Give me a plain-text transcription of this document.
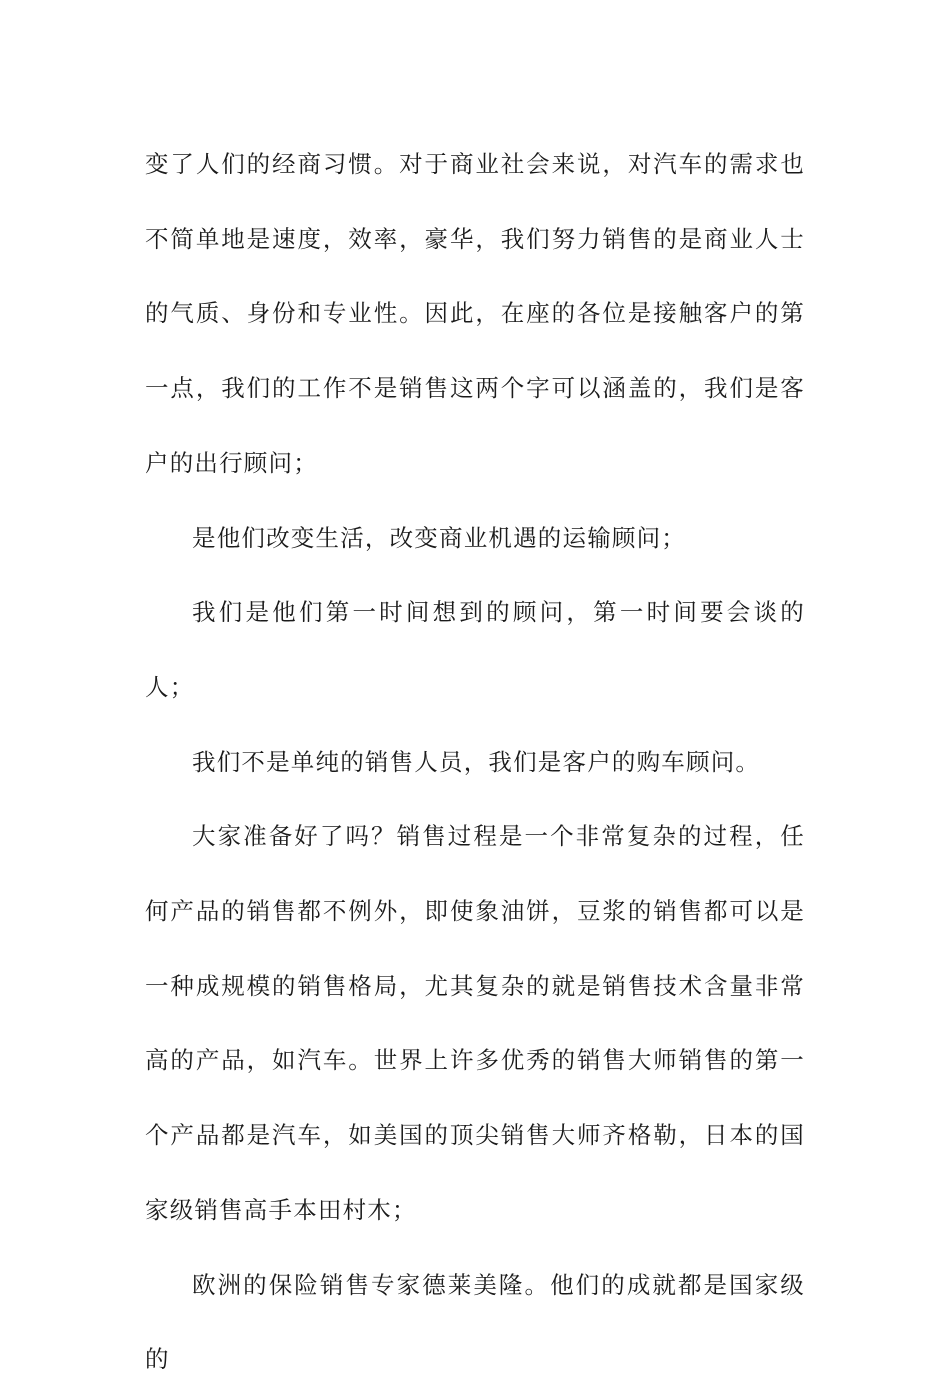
变了人们的经商习惯。对于商业社会来说，对汽车的需求也不简单地是速度，效率，豪华，我们努力销售的是商业人士的气质、身份和专业性。因此，在座的各位是接触客户的第一点，我们的工作不是销售这两个字可以涵盖的，我们是客户的出行顾问；

是他们改变生活，改变商业机遇的运输顾问；

我们是他们第一时间想到的顾问，第一时间要会谈的人；

我们不是单纯的销售人员，我们是客户的购车顾问。

大家准备好了吗？销售过程是一个非常复杂的过程，任何产品的销售都不例外，即使象油饼，豆浆的销售都可以是一种成规模的销售格局，尤其复杂的就是销售技术含量非常高的产品，如汽车。世界上许多优秀的销售大师销售的第一个产品都是汽车，如美国的顶尖销售大师齐格勒，日本的国家级销售高手本田村木；

欧洲的保险销售专家德莱美隆。他们的成就都是国家级的
